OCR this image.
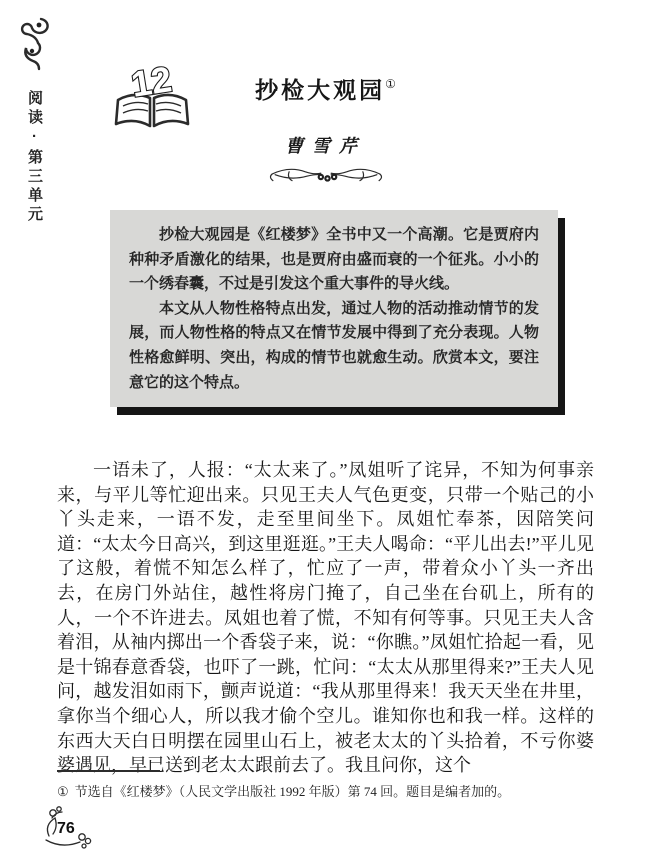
阅读·第三单元
12	抄检大观园①
曹雪芹

抄检大观园是《红楼梦》全书中又一个高潮。它是贾府内种种矛盾激化的结果，也是贾府由盛而衰的一个征兆。小小的一个绣春囊，不过是引发这个重大事件的导火线。

本文从人物性格特点出发，通过人物的活动推动情节的发展，而人物性格的特点又在情节发展中得到了充分表现。人物性格愈鲜明、突出，构成的情节也就愈生动。欣赏本文，要注意它的这个特点。

一语未了，人报：“太太来了。”凤姐听了诧异，不知为何事亲来，与平儿等忙迎出来。只见王夫人气色更变，只带一个贴己的小丫头走来，一语不发，走至里间坐下。凤姐忙奉茶，因陪笑问道：“太太今日高兴，到这里逛逛。”王夫人喝命：“平儿出去!”平儿见了这般，着慌不知怎么样了，忙应了一声，带着众小丫头一齐出去，在房门外站住，越性将房门掩了，自己坐在台矶上，所有的人，一个不许进去。凤姐也着了慌，不知有何等事。只见王夫人含着泪，从袖内掷出一个香袋子来，说：“你瞧。”凤姐忙拾起一看，见是十锦春意香袋，也吓了一跳，忙问：“太太从那里得来?”王夫人见问，越发泪如雨下，颤声说道：“我从那里得来！我天天坐在井里，拿你当个细心人，所以我才偷个空儿。谁知你也和我一样。这样的东西大天白日明摆在园里山石上，被老太太的丫头拾着，不亏你婆婆遇见，早已送到老太太跟前去了。我且问你，这个

① 节选自《红楼梦》（人民文学出版社 1992 年版）第 74 回。题目是编者加的。
76
